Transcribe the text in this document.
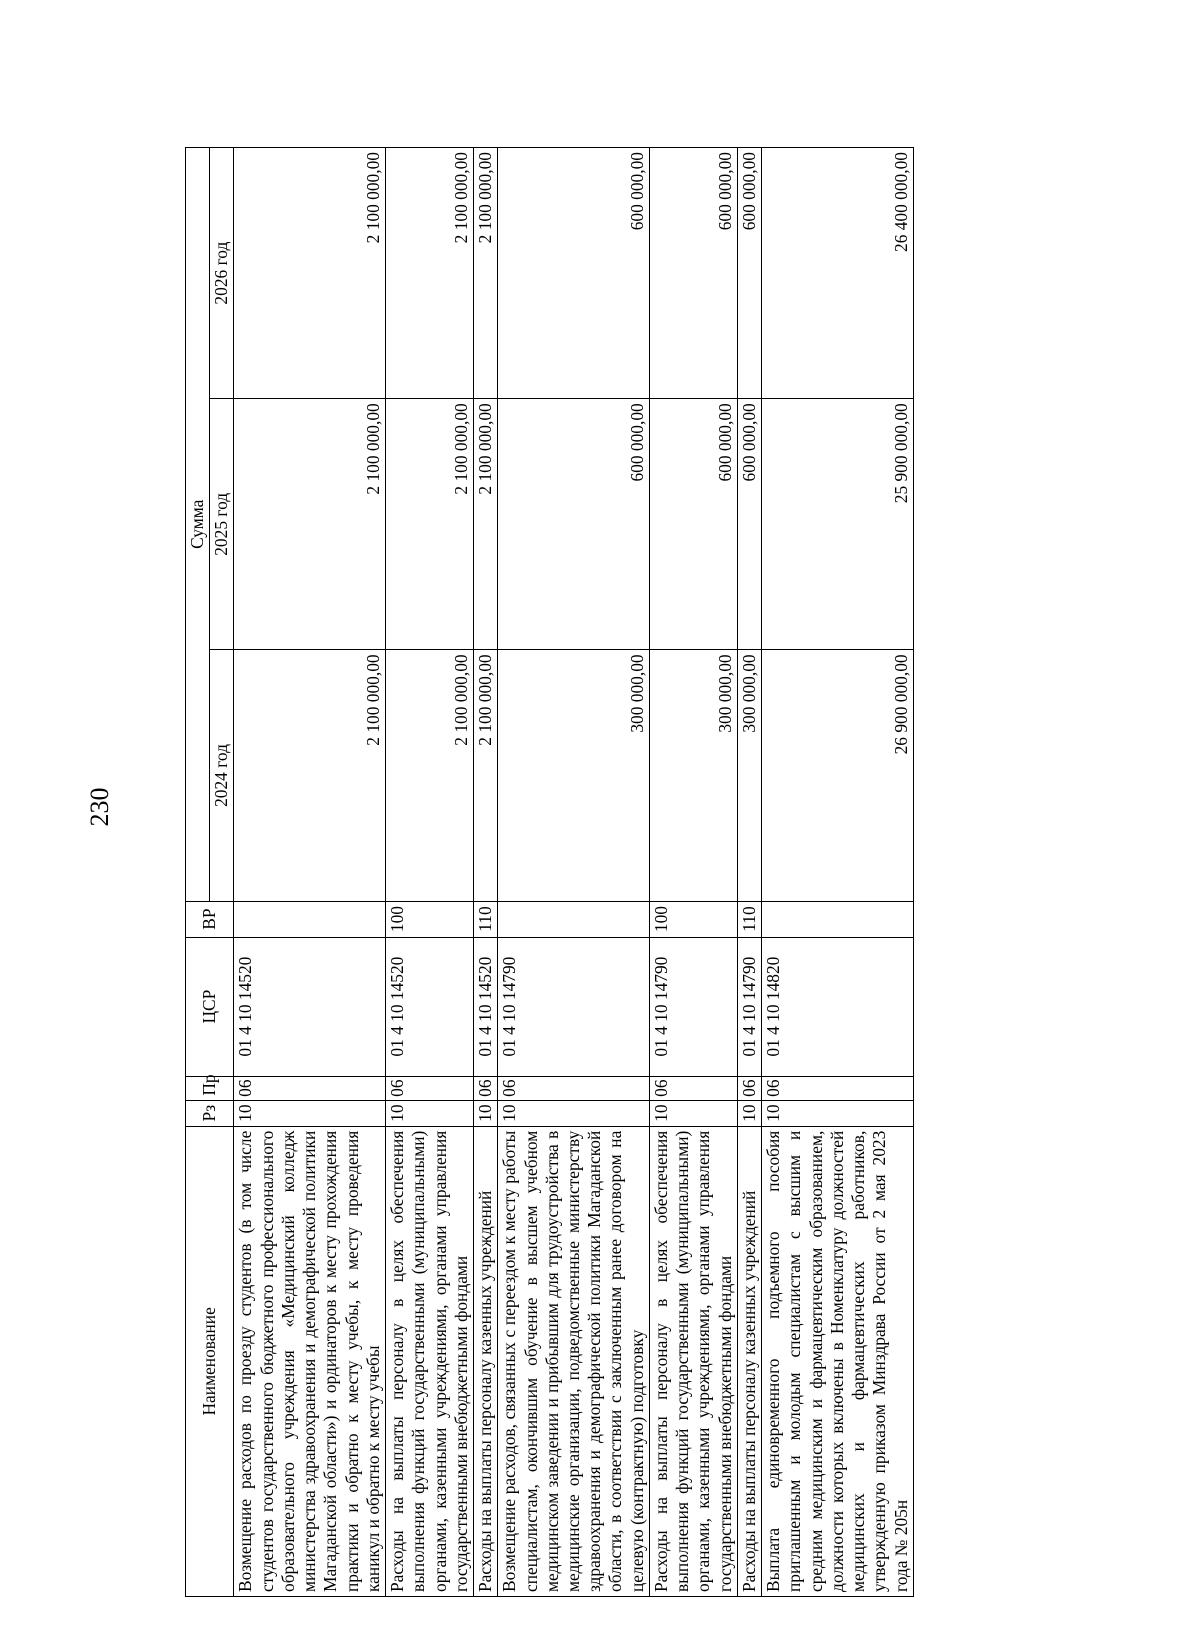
230
Наименование	Рз	Пр	ЦСР	ВР	Сумма		
					2024 год	2025 год	2026 год
Возмещение расходов по проезду студентов (в том числе студентов государственного бюджетного профессионального образовательного учреждения «Медицинский колледж министерства здравоохранения и демографической политики Магаданской области») и ординаторов к месту прохождения практики и обратно к месту учебы, к месту проведения каникул и обратно к месту учебы	10	06	01 4 10 14520		2 100 000,00	2 100 000,00	2 100 000,00
Расходы на выплаты персоналу в целях обеспечения выполнения функций государственными (муниципальными) органами, казенными учреждениями, органами управления государственными внебюджетными фондами	10	06	01 4 10 14520	100	2 100 000,00	2 100 000,00	2 100 000,00
Расходы на выплаты персоналу казенных учреждений	10	06	01 4 10 14520	110	2 100 000,00	2 100 000,00	2 100 000,00
Возмещение расходов, связанных с переездом к месту работы специалистам, окончившим обучение в высшем учебном медицинском заведении и прибывшим для трудоустройства в медицинские организации, подведомственные министерству здравоохранения и демографической политики Магаданской области, в соответствии с заключенным ранее договором на целевую (контрактную) подготовку	10	06	01 4 10 14790		300 000,00	600 000,00	600 000,00
Расходы на выплаты персоналу в целях обеспечения выполнения функций государственными (муниципальными) органами, казенными учреждениями, органами управления государственными внебюджетными фондами	10	06	01 4 10 14790	100	300 000,00	600 000,00	600 000,00
Расходы на выплаты персоналу казенных учреждений	10	06	01 4 10 14790	110	300 000,00	600 000,00	600 000,00
Выплата единовременного подъемного пособия приглашенным и молодым специалистам с высшим и средним медицинским и фармацевтическим образованием, должности которых включены в Номенклатуру должностей медицинских и фармацевтических работников, утвержденную приказом Минздрава России от 2 мая 2023 года № 205н	10	06	01 4 10 14820		26 900 000,00	25 900 000,00	26 400 000,00
